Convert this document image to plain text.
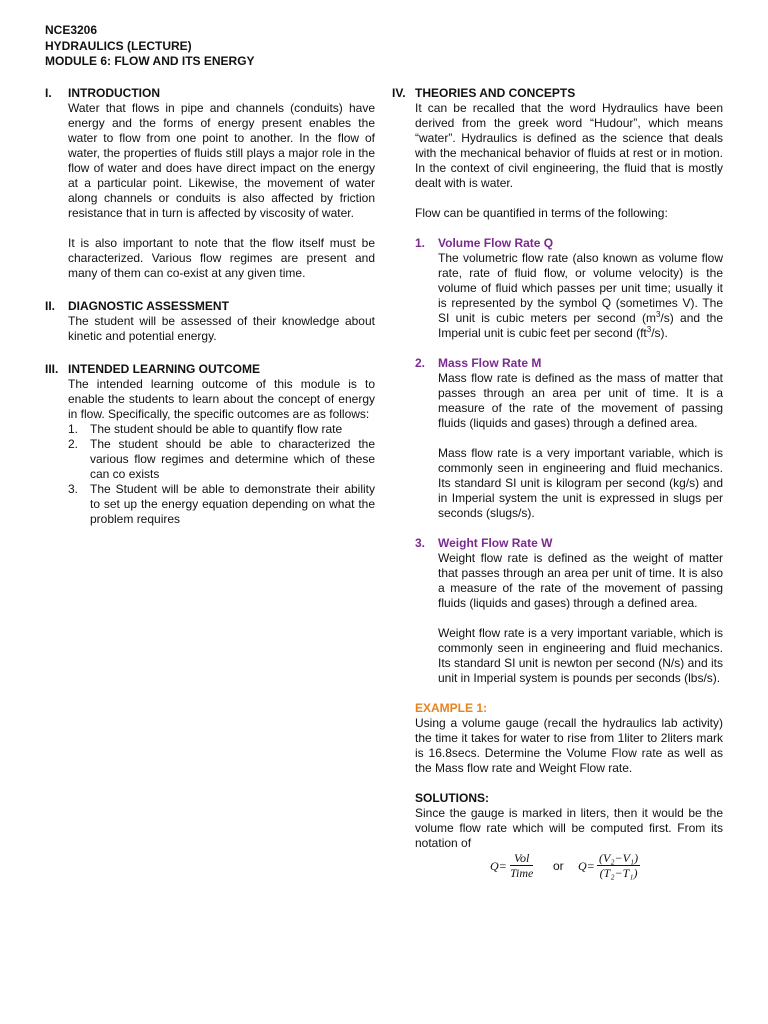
NCE3206
HYDRAULICS (LECTURE)
MODULE 6: FLOW AND ITS ENERGY
I. INTRODUCTION
Water that flows in pipe and channels (conduits) have energy and the forms of energy present enables the water to flow from one point to another. In the flow of water, the properties of fluids still plays a major role in the flow of water and does have direct impact on the energy at a particular point. Likewise, the movement of water along channels or conduits is also affected by friction resistance that in turn is affected by viscosity of water.
It is also important to note that the flow itself must be characterized. Various flow regimes are present and many of them can co-exist at any given time.
II. DIAGNOSTIC ASSESSMENT
The student will be assessed of their knowledge about kinetic and potential energy.
III. INTENDED LEARNING OUTCOME
The intended learning outcome of this module is to enable the students to learn about the concept of energy in flow. Specifically, the specific outcomes are as follows:
1. The student should be able to quantify flow rate
2. The student should be able to characterized the various flow regimes and determine which of these can co exists
3. The Student will be able to demonstrate their ability to set up the energy equation depending on what the problem requires
IV. THEORIES AND CONCEPTS
It can be recalled that the word Hydraulics have been derived from the greek word “Hudour”, which means “water”. Hydraulics is defined as the science that deals with the mechanical behavior of fluids at rest or in motion. In the context of civil engineering, the fluid that is mostly dealt with is water.
Flow can be quantified in terms of the following:
1. Volume Flow Rate Q
The volumetric flow rate (also known as volume flow rate, rate of fluid flow, or volume velocity) is the volume of fluid which passes per unit time; usually it is represented by the symbol Q (sometimes V). The SI unit is cubic meters per second $(m^3/s)$ and the Imperial unit is cubic feet per second $(ft^3/s)$.
2. Mass Flow Rate M
Mass flow rate is defined as the mass of matter that passes through an area per unit of time. It is a measure of the rate of the movement of passing fluids (liquids and gases) through a defined area.
Mass flow rate is a very important variable, which is commonly seen in engineering and fluid mechanics. Its standard SI unit is kilogram per second (kg/s) and in Imperial system the unit is expressed in slugs per seconds (slugs/s).
3. Weight Flow Rate W
Weight flow rate is defined as the weight of matter that passes through an area per unit of time. It is also a measure of the rate of the movement of passing fluids (liquids and gases) through a defined area.
Weight flow rate is a very important variable, which is commonly seen in engineering and fluid mechanics. Its standard SI unit is newton per second (N/s) and its unit in Imperial system is pounds per seconds (lbs/s).
EXAMPLE 1:
Using a volume gauge (recall the hydraulics lab activity) the time it takes for water to rise from 1liter to 2liters mark is 16.8secs. Determine the Volume Flow rate as well as the Mass flow rate and Weight Flow rate.
SOLUTIONS:
Since the gauge is marked in liters, then it would be the volume flow rate which will be computed first. From its notation of
Q=
Vol
Time or $Q= \frac{\text{(V₂−V₁)}}{\text{(T₂−T₁)}}$
